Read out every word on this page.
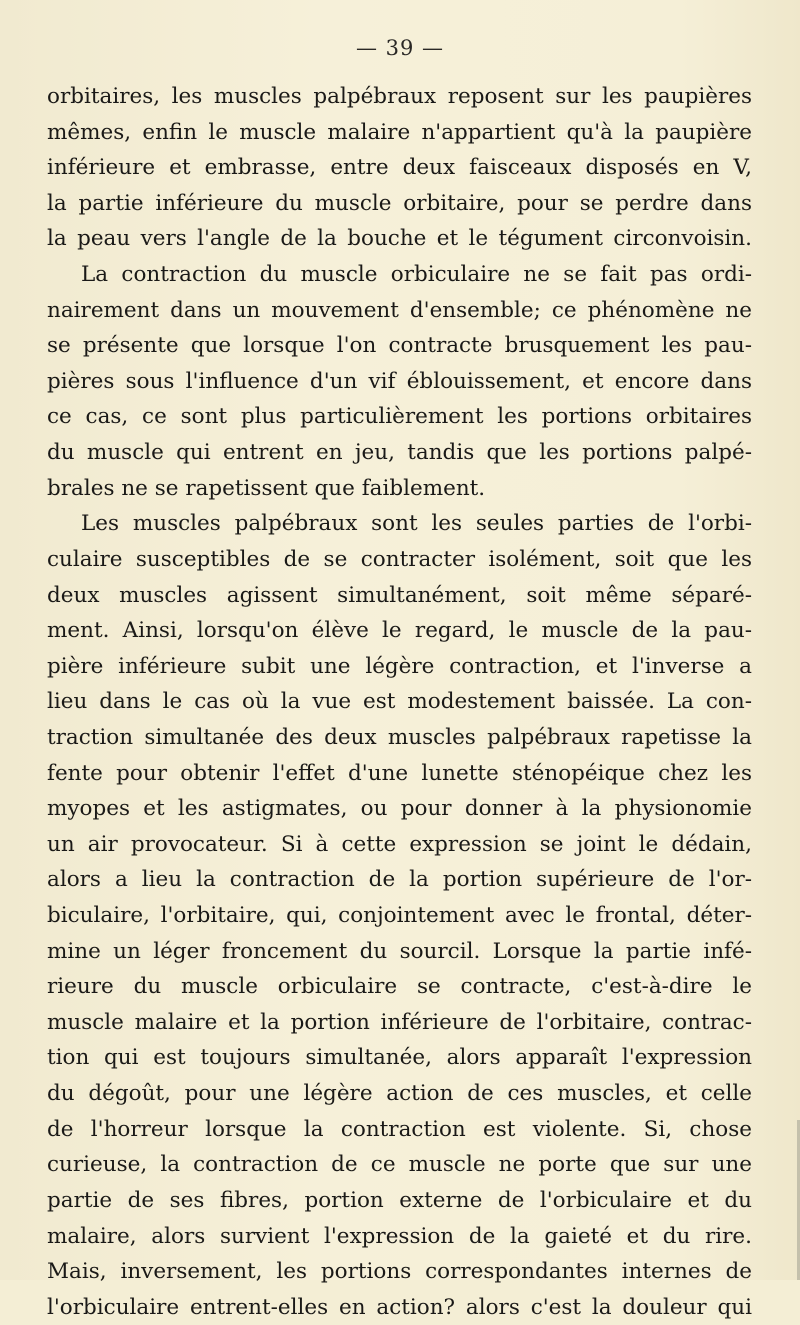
— 39 —
orbitaires, les muscles palpébraux reposent sur les paupières
mêmes, enfin le muscle malaire n'appartient qu'à la paupière
inférieure et embrasse, entre deux faisceaux disposés en V,
la partie inférieure du muscle orbitaire, pour se perdre dans
la peau vers l'angle de la bouche et le tégument circonvoisin.
La contraction du muscle orbiculaire ne se fait pas ordi-
nairement dans un mouvement d'ensemble; ce phénomène ne
se présente que lorsque l'on contracte brusquement les pau-
pières sous l'influence d'un vif éblouissement, et encore dans
ce cas, ce sont plus particulièrement les portions orbitaires
du muscle qui entrent en jeu, tandis que les portions palpé-
brales ne se rapetissent que faiblement.
Les muscles palpébraux sont les seules parties de l'orbi-
culaire susceptibles de se contracter isolément, soit que les
deux muscles agissent simultanément, soit même séparé-
ment. Ainsi, lorsqu'on élève le regard, le muscle de la pau-
pière inférieure subit une légère contraction, et l'inverse a
lieu dans le cas où la vue est modestement baissée. La con-
traction simultanée des deux muscles palpébraux rapetisse la
fente pour obtenir l'effet d'une lunette sténopéique chez les
myopes et les astigmates, ou pour donner à la physionomie
un air provocateur. Si à cette expression se joint le dédain,
alors a lieu la contraction de la portion supérieure de l'or-
biculaire, l'orbitaire, qui, conjointement avec le frontal, déter-
mine un léger froncement du sourcil. Lorsque la partie infé-
rieure du muscle orbiculaire se contracte, c'est-à-dire le
muscle malaire et la portion inférieure de l'orbitaire, contrac-
tion qui est toujours simultanée, alors apparaît l'expression
du dégoût, pour une légère action de ces muscles, et celle
de l'horreur lorsque la contraction est violente. Si, chose
curieuse, la contraction de ce muscle ne porte que sur une
partie de ses fibres, portion externe de l'orbiculaire et du
malaire, alors survient l'expression de la gaieté et du rire.
Mais, inversement, les portions correspondantes internes de
l'orbiculaire entrent-elles en action? alors c'est la douleur qui
